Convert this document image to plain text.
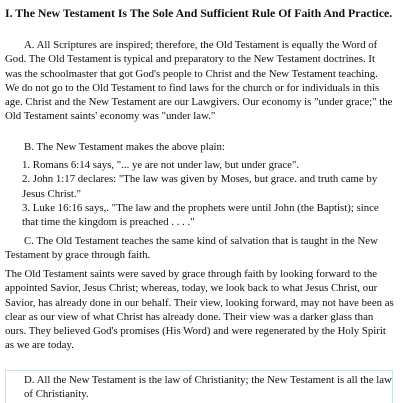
I. The New Testament Is The Sole And Sufficient Rule Of Faith And Practice.

A. All Scriptures are inspired; therefore, the Old Testament is equally the Word of God. The Old Testament is typical and preparatory to the New Testament doctrines. It was the schoolmaster that got God's people to Christ and the New Testament teaching. We do not go to the Old Testament to find laws for the church or for individuals in this age. Christ and the New Testament are our Lawgivers. Our economy is "under grace;" the Old Testament saints' economy was "under law."

B. The New Testament makes the above plain:

1. Romans 6:14 says, "... ye are not under law, but under grace".

2. John 1:17 declares: "The law was given by Moses, but grace. and truth came by Jesus Christ."

3. Luke 16:16 says,. "The law and the prophets were until John (the Baptist); since that time the kingdom is preached . . . ."

C. The Old Testament teaches the same kind of salvation that is taught in the New Testament by grace through faith.

The Old Testament saints were saved by grace through faith by looking forward to the appointed Savior, Jesus Christ; whereas, today, we look back to what Jesus Christ, our Savior, has already done in our behalf. Their view, looking forward, may not have been as clear as our view of what Christ has already done. Their view was a darker glass than ours. They believed God's promises (His Word) and were regenerated by the Holy Spirit as we are today.

D. All the New Testament is the law of Christianity; the New Testament is all the law of Christianity.
